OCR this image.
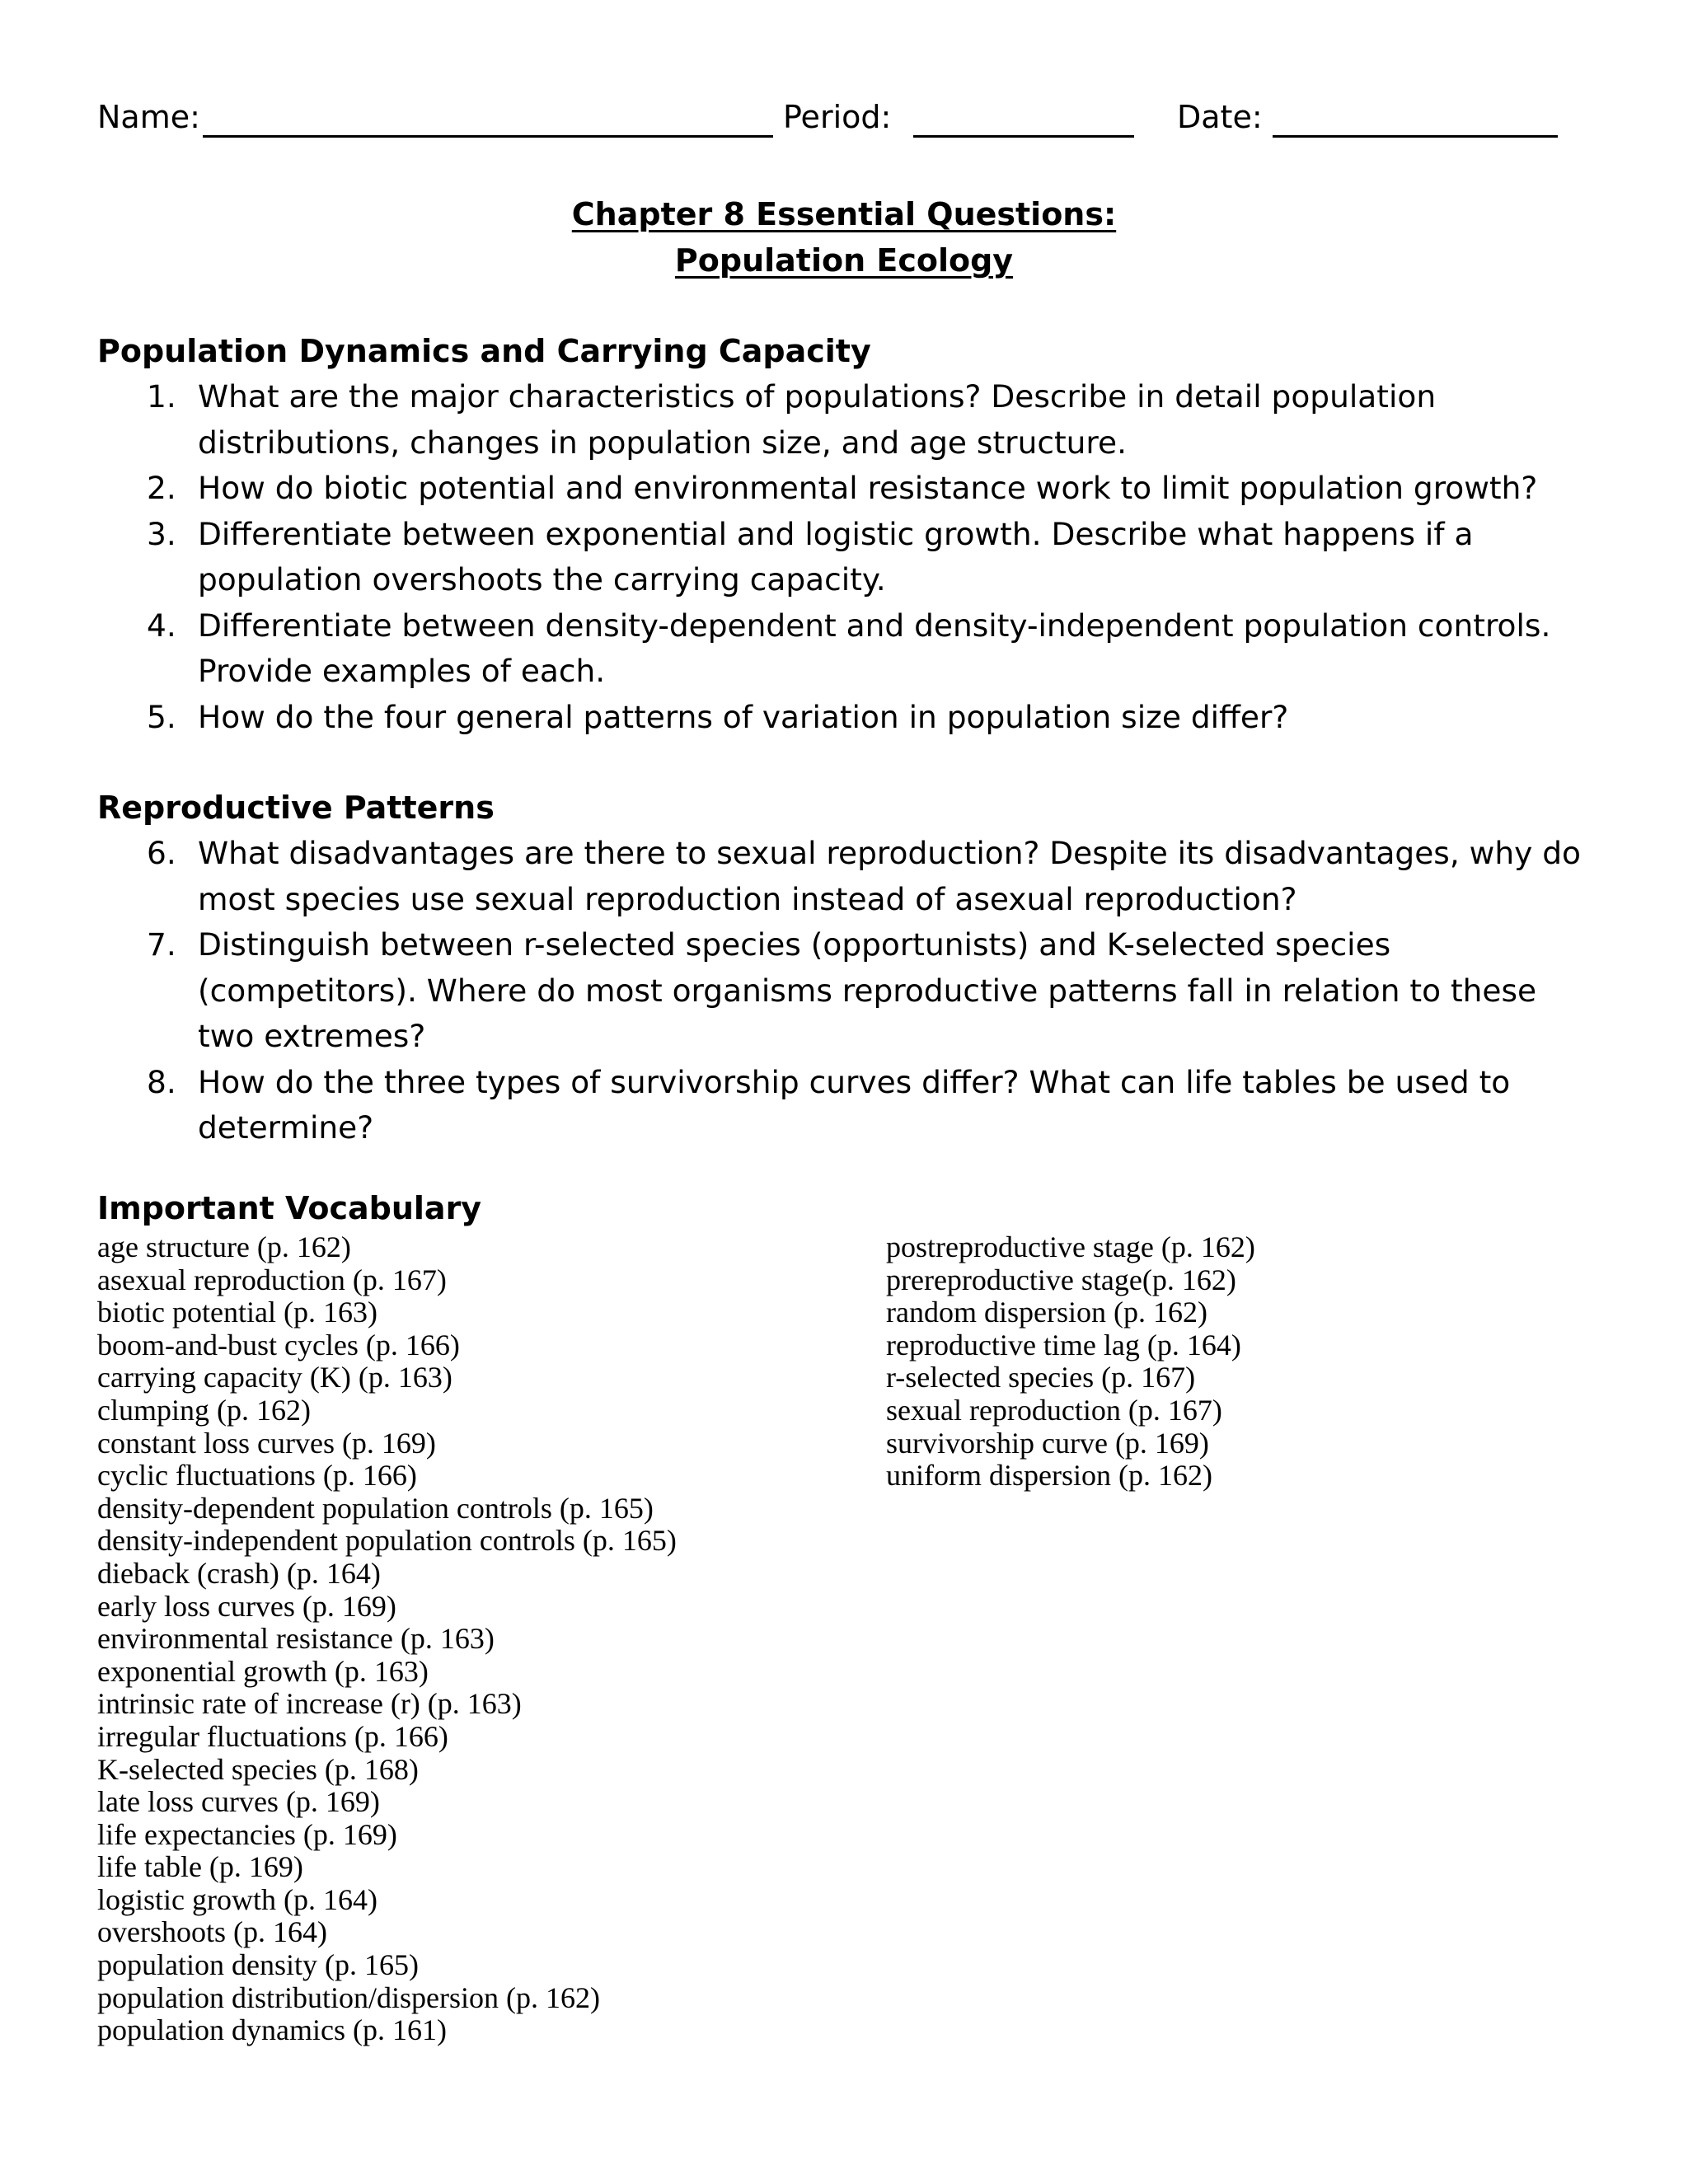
Name:	Period:	Date:
Chapter 8 Essential Questions:
Population Ecology
Population Dynamics and Carrying Capacity
1. What are the major characteristics of populations? Describe in detail population distributions, changes in population size, and age structure.
2. How do biotic potential and environmental resistance work to limit population growth?
3. Differentiate between exponential and logistic growth. Describe what happens if a population overshoots the carrying capacity.
4. Differentiate between density-dependent and density-independent population controls. Provide examples of each.
5. How do the four general patterns of variation in population size differ?
Reproductive Patterns
6. What disadvantages are there to sexual reproduction? Despite its disadvantages, why do most species use sexual reproduction instead of asexual reproduction?
7. Distinguish between r-selected species (opportunists) and K-selected species (competitors). Where do most organisms reproductive patterns fall in relation to these two extremes?
8. How do the three types of survivorship curves differ? What can life tables be used to determine?
Important Vocabulary
age structure (p. 162)
asexual reproduction (p. 167)
biotic potential (p. 163)
boom-and-bust cycles (p. 166)
carrying capacity (K) (p. 163)
clumping (p. 162)
constant loss curves (p. 169)
cyclic fluctuations (p. 166)
density-dependent population controls (p. 165)
density-independent population controls (p. 165)
dieback (crash) (p. 164)
early loss curves (p. 169)
environmental resistance (p. 163)
exponential growth (p. 163)
intrinsic rate of increase (r) (p. 163)
irregular fluctuations (p. 166)
K-selected species (p. 168)
late loss curves (p. 169)
life expectancies (p. 169)
life table (p. 169)
logistic growth (p. 164)
overshoots (p. 164)
population density (p. 165)
population distribution/dispersion (p. 162)
population dynamics (p. 161)
postreproductive stage (p. 162)
prereproductive stage(p. 162)
random dispersion (p. 162)
reproductive time lag (p. 164)
r-selected species (p. 167)
sexual reproduction (p. 167)
survivorship curve (p. 169)
uniform dispersion (p. 162)
